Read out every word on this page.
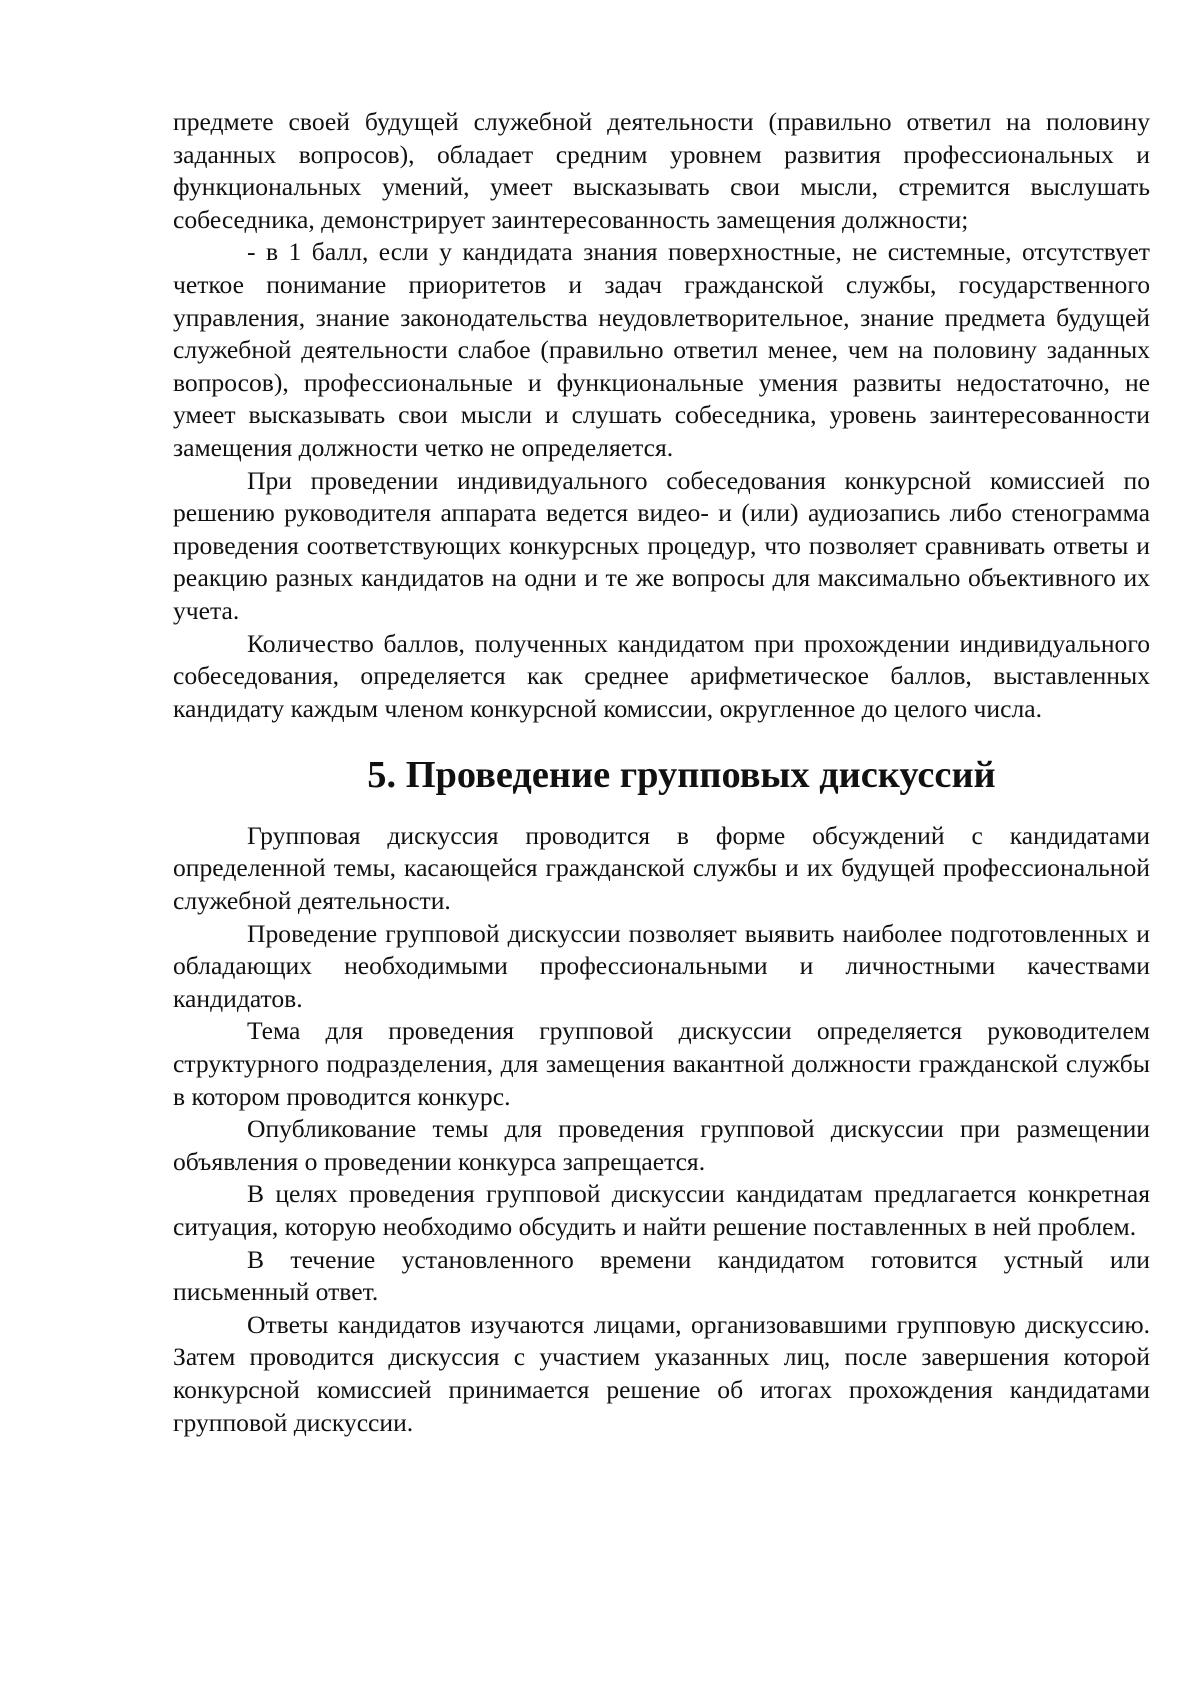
предмете своей будущей служебной деятельности (правильно ответил на половину заданных вопросов), обладает средним уровнем развития профессиональных и функциональных умений, умеет высказывать свои мысли, стремится выслушать собеседника, демонстрирует заинтересованность замещения должности;

- в 1 балл, если у кандидата знания поверхностные, не системные, отсутствует четкое понимание приоритетов и задач гражданской службы, государственного управления, знание законодательства неудовлетворительное, знание предмета будущей служебной деятельности слабое (правильно ответил менее, чем на половину заданных вопросов), профессиональные и функциональные умения развиты недостаточно, не умеет высказывать свои мысли и слушать собеседника, уровень заинтересованности замещения должности четко не определяется.

При проведении индивидуального собеседования конкурсной комиссией по решению руководителя аппарата ведется видео- и (или) аудиозапись либо стенограмма проведения соответствующих конкурсных процедур, что позволяет сравнивать ответы и реакцию разных кандидатов на одни и те же вопросы для максимально объективного их учета.

Количество баллов, полученных кандидатом при прохождении индивидуального собеседования, определяется как среднее арифметическое баллов, выставленных кандидату каждым членом конкурсной комиссии, округленное до целого числа.

5. Проведение групповых дискуссий

Групповая дискуссия проводится в форме обсуждений с кандидатами определенной темы, касающейся гражданской службы и их будущей профессиональной служебной деятельности.

Проведение групповой дискуссии позволяет выявить наиболее подготовленных и обладающих необходимыми профессиональными и личностными качествами кандидатов.

Тема для проведения групповой дискуссии определяется руководителем структурного подразделения, для замещения вакантной должности гражданской службы в котором проводится конкурс.

Опубликование темы для проведения групповой дискуссии при размещении объявления о проведении конкурса запрещается.

В целях проведения групповой дискуссии кандидатам предлагается конкретная ситуация, которую необходимо обсудить и найти решение поставленных в ней проблем.

В течение установленного времени кандидатом готовится устный или письменный ответ.

Ответы кандидатов изучаются лицами, организовавшими групповую дискуссию. Затем проводится дискуссия с участием указанных лиц, после завершения которой конкурсной комиссией принимается решение об итогах прохождения кандидатами групповой дискуссии.
